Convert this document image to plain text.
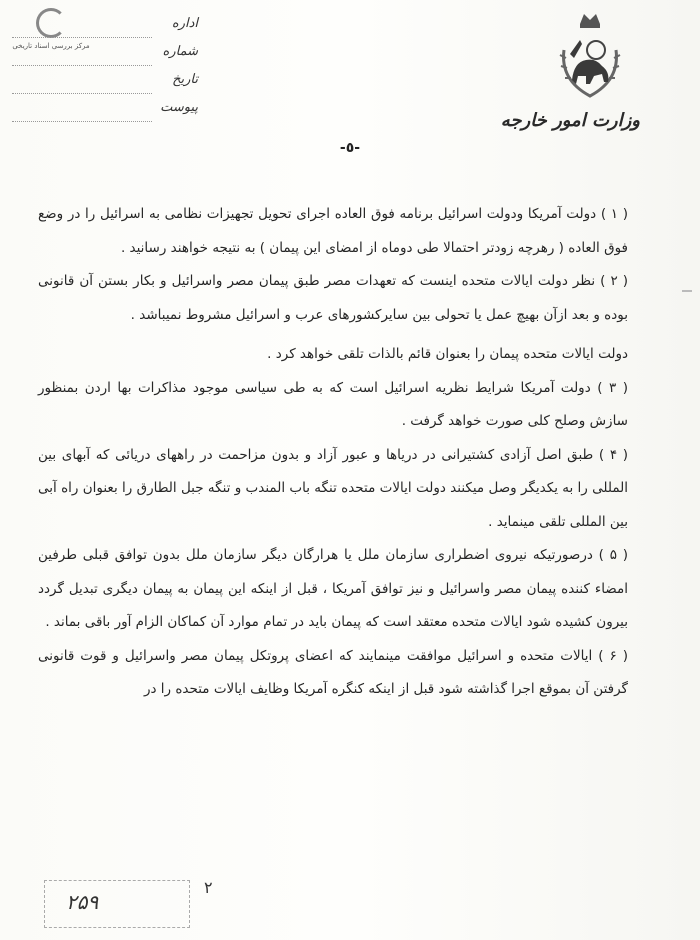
مرکز بررسی اسناد تاریخی
اداره
شماره
تاریخ
پیوست
وزارت امور خارجه
-٥-

( ۱ ) دولت آمریکا ودولت اسرائیل برنامه فوق العاده اجرای تحویل تجهیزات نظامی به اسرائیل را در وضع فوق العاده ( رهرچه زودتر احتمالا طی دوماه از امضای این پیمان ) به نتیجه خواهند رسانید .

( ۲ ) نظر دولت ایالات متحده اینست که تعهدات مصر طبق پیمان مصر واسرائیل و بکار بستن آن قانونی بوده و بعد ازآن بهیچ عمل یا تحولی بین سایرکشورهای عرب و اسرائیل مشروط نمیباشد .

دولت ایالات متحده پیمان را بعنوان قائم بالذات تلقی خواهد کرد .

( ۳ ) دولت آمریکا شرایط نظریه اسرائیل است که به طی سیاسی موجود مذاکرات بها اردن بمنظور سازش وصلح کلی صورت خواهد گرفت .

( ۴ ) طبق اصل آزادی کشتیرانی در دریاها و عبور آزاد و بدون مزاحمت در راههای دریائی که آبهای بین المللی را به یکدیگر وصل میکنند دولت ایالات متحده تنگه باب المندب و تنگه جبل الطارق را بعنوان راه آبی بین المللی تلقی مینماید .

( ۵ ) درصورتیکه نیروی اضطراری سازمان ملل یا هرارگان دیگر سازمان ملل بدون توافق قبلی طرفین امضاء کننده پیمان مصر واسرائیل و نیز توافق آمریکا ، قبل از اینکه این پیمان به پیمان دیگری تبدیل گردد بیرون کشیده شود ایالات متحده معتقد است که پیمان باید در تمام موارد آن کماکان الزام آور باقی بماند .

( ۶ ) ایالات متحده و اسرائیل موافقت مینمایند که اعضای پروتکل پیمان مصر واسرائیل و قوت قانونی گرفتن آن بموقع اجرا گذاشته شود قبل از اینکه کنگره آمریکا وظایف ایالات متحده را در

۲۵۹
۲
